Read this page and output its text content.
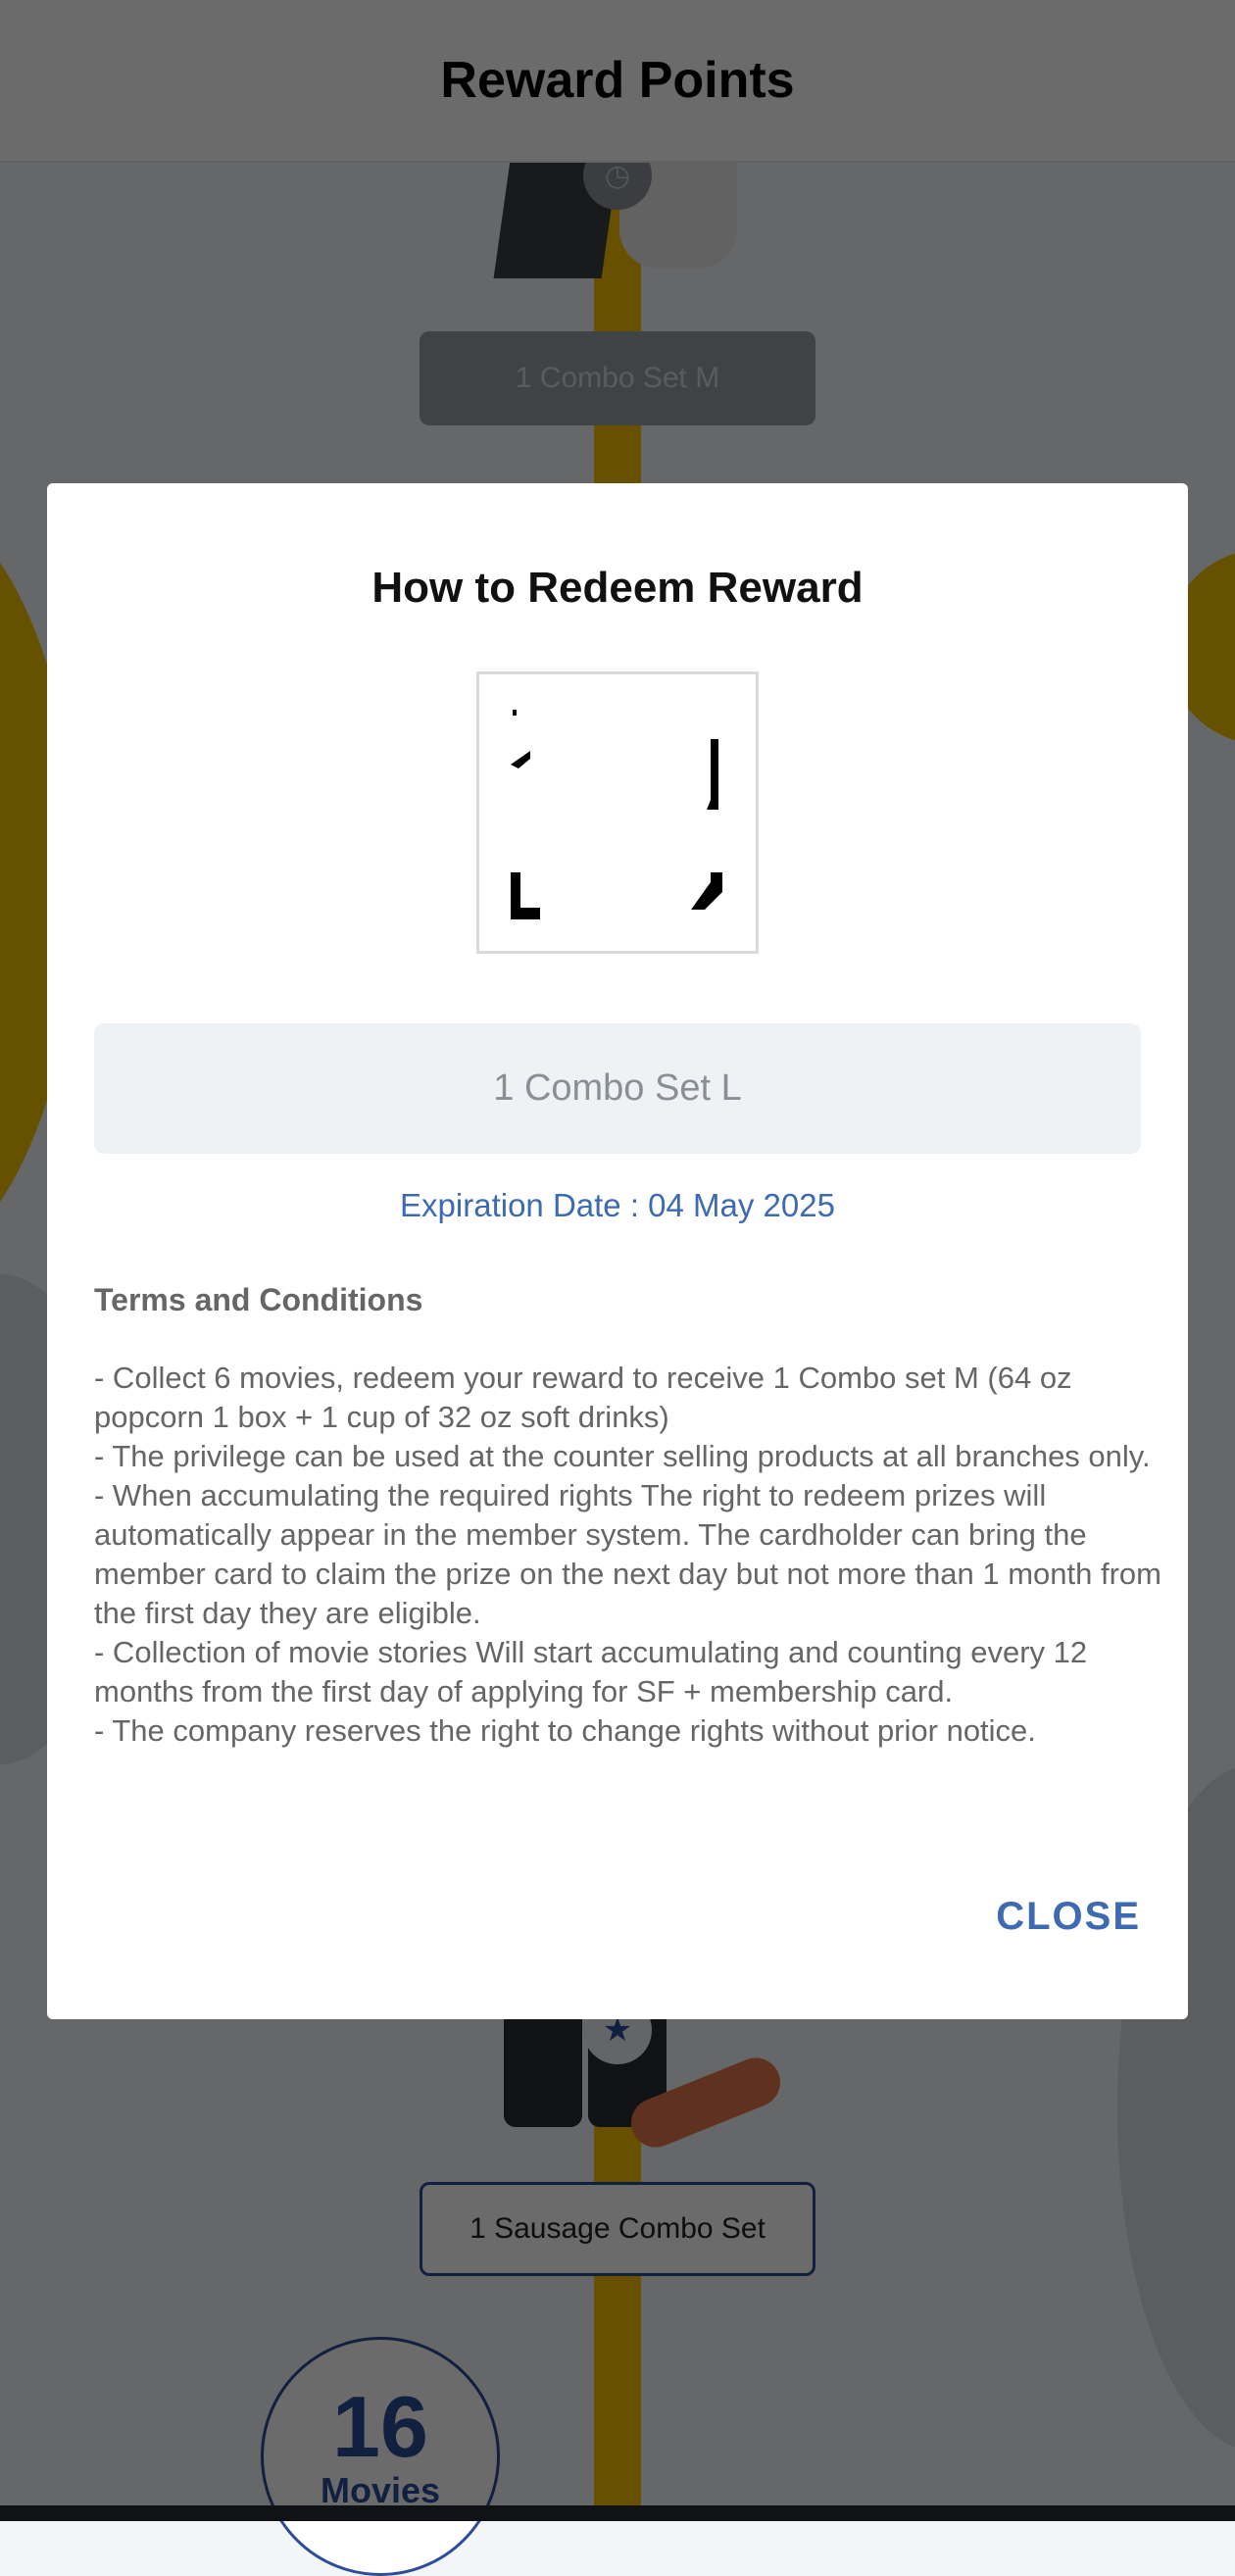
How to Redeem Reward
1 Combo Set L
Expiration Date : 04 May 2025
Terms and Conditions
- Collect 6 movies, redeem your reward to receive 1 Combo set M (64 oz popcorn 1 box + 1 cup of 32 oz soft drinks)
- The privilege can be used at the counter selling products at all branches only.
- When accumulating the required rights The right to redeem prizes will automatically appear in the member system. The cardholder can bring the member card to claim the prize on the next day but not more than 1 month from the first day they are eligible.
- Collection of movie stories Will start accumulating and counting every 12 months from the first day of applying for SF + membership card.
- The company reserves the right to change rights without prior notice.
CLOSE
